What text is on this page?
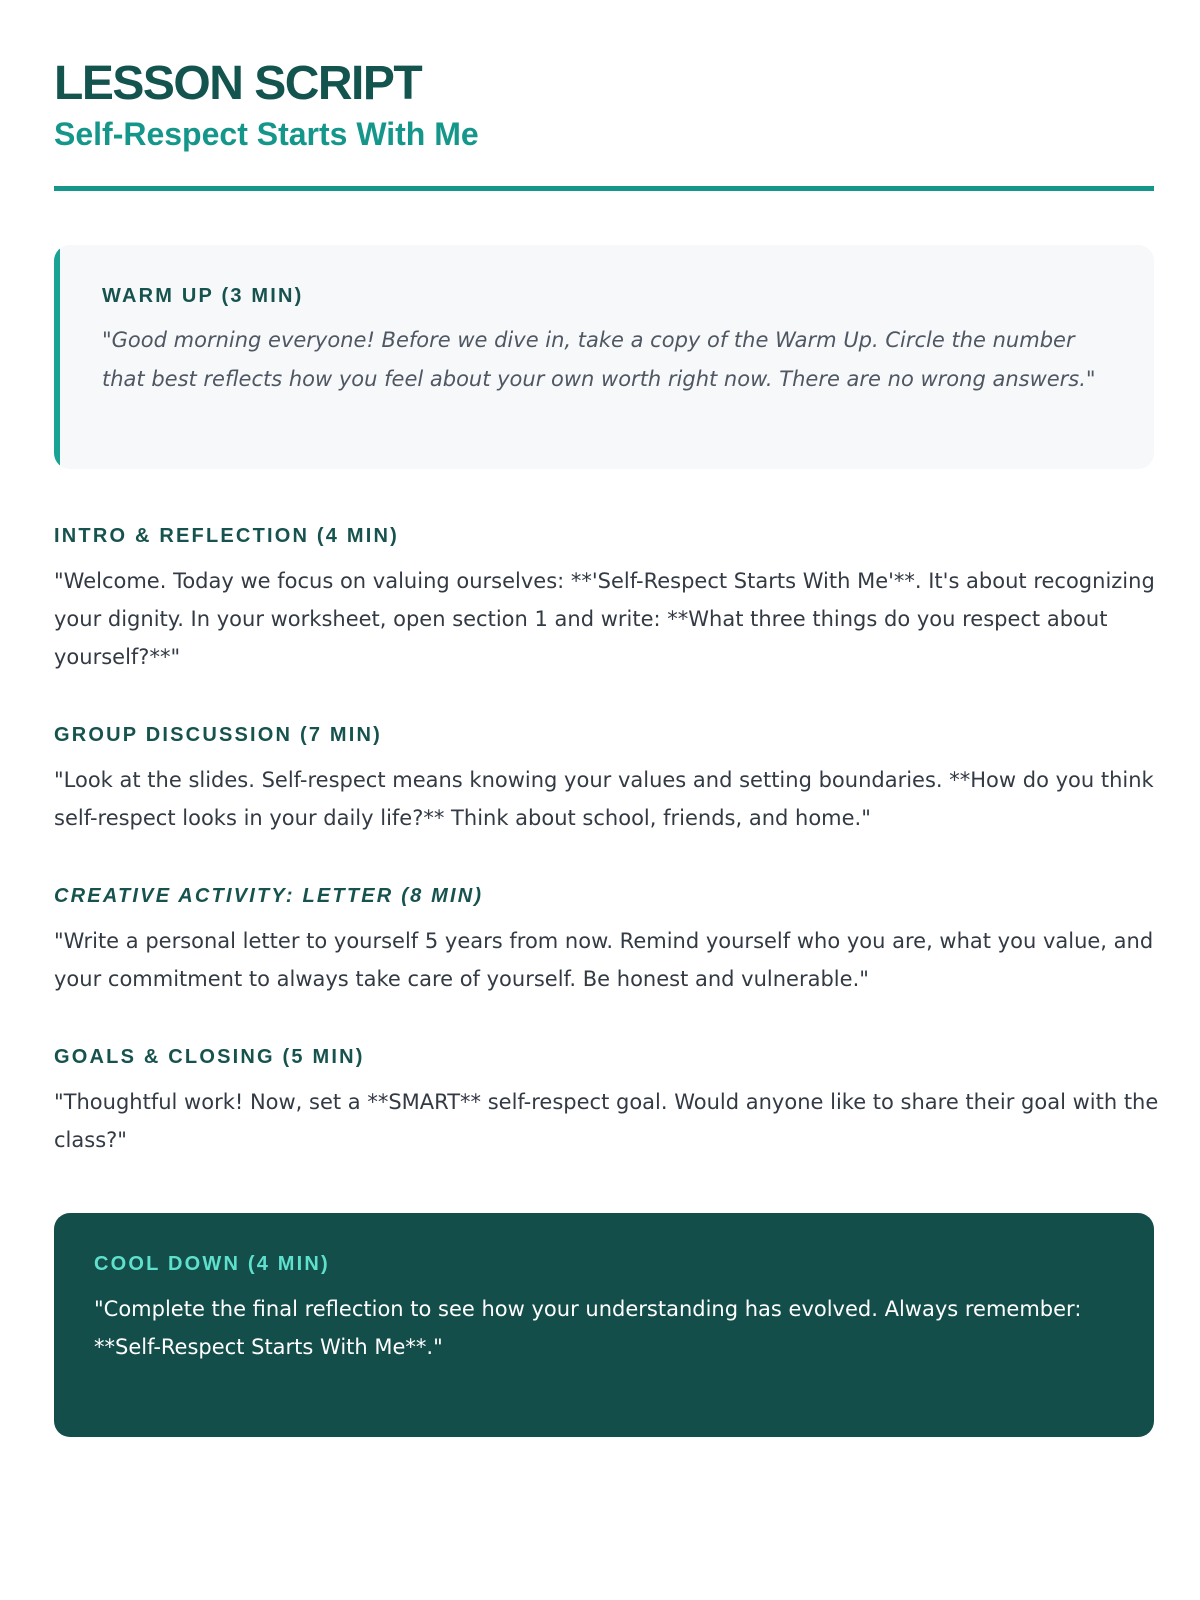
LESSON SCRIPT
Self-Respect Starts With Me
WARM UP (3 MIN)

"Good morning everyone! Before we dive in, take a copy of the Warm Up. Circle the number that best reflects how you feel about your own worth right now. There are no wrong answers."

INTRO & REFLECTION (4 MIN)

"Welcome. Today we focus on valuing ourselves: **'Self-Respect Starts With Me'**. It's about recognizing your dignity. In your worksheet, open section 1 and write: **What three things do you respect about yourself?**"

GROUP DISCUSSION (7 MIN)

"Look at the slides. Self-respect means knowing your values and setting boundaries. **How do you think self-respect looks in your daily life?** Think about school, friends, and home."

CREATIVE ACTIVITY: LETTER (8 MIN)

"Write a personal letter to yourself 5 years from now. Remind yourself who you are, what you value, and your commitment to always take care of yourself. Be honest and vulnerable."

GOALS & CLOSING (5 MIN)

"Thoughtful work! Now, set a **SMART** self-respect goal. Would anyone like to share their goal with the class?"

COOL DOWN (4 MIN)

"Complete the final reflection to see how your understanding has evolved. Always remember: **Self-Respect Starts With Me**."
